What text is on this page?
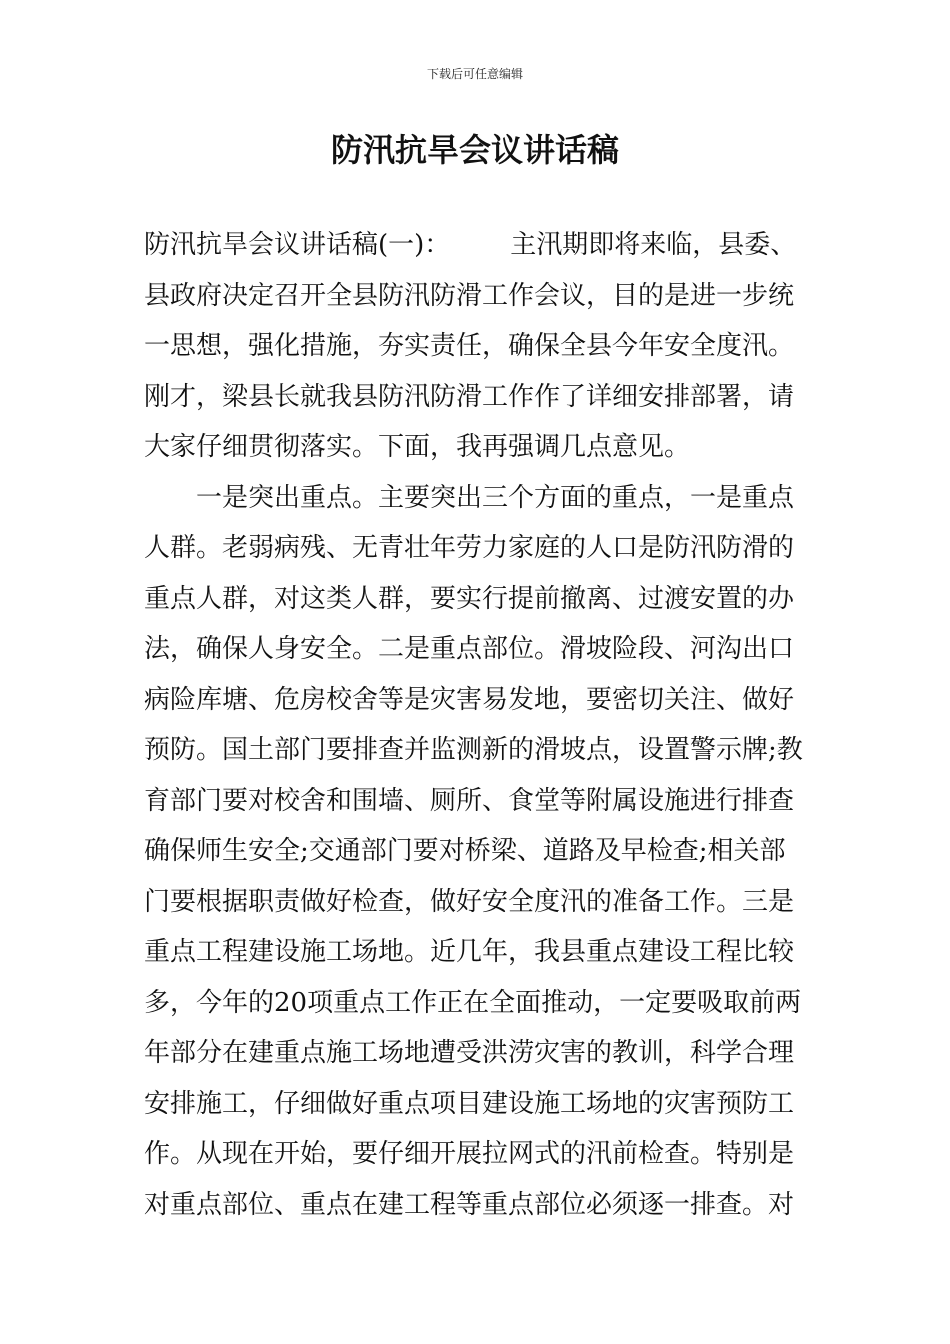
下载后可任意编辑
防汛抗旱会议讲话稿
防汛抗旱会议讲话稿(一)： 主汛期即将来临，县委、
县政府决定召开全县防汛防滑工作会议，目的是进一步统
一思想，强化措施，夯实责任，确保全县今年安全度汛。
刚才，梁县长就我县防汛防滑工作作了详细安排部署，请
大家仔细贯彻落实。下面，我再强调几点意见。
一是突出重点。主要突出三个方面的重点，一是重点
人群。老弱病残、无青壮年劳力家庭的人口是防汛防滑的
重点人群，对这类人群，要实行提前撤离、过渡安置的办
法，确保人身安全。二是重点部位。滑坡险段、河沟出口
病险库塘、危房校舍等是灾害易发地，要密切关注、做好
预防。国土部门要排查并监测新的滑坡点，设置警示牌;教
育部门要对校舍和围墙、厕所、食堂等附属设施进行排查
确保师生安全;交通部门要对桥梁、道路及早检查;相关部
门要根据职责做好检查，做好安全度汛的准备工作。三是
重点工程建设施工场地。近几年，我县重点建设工程比较
多，今年的20项重点工作正在全面推动，一定要吸取前两
年部分在建重点施工场地遭受洪涝灾害的教训，科学合理
安排施工，仔细做好重点项目建设施工场地的灾害预防工
作。从现在开始，要仔细开展拉网式的汛前检查。特别是
对重点部位、重点在建工程等重点部位必须逐一排查。对
